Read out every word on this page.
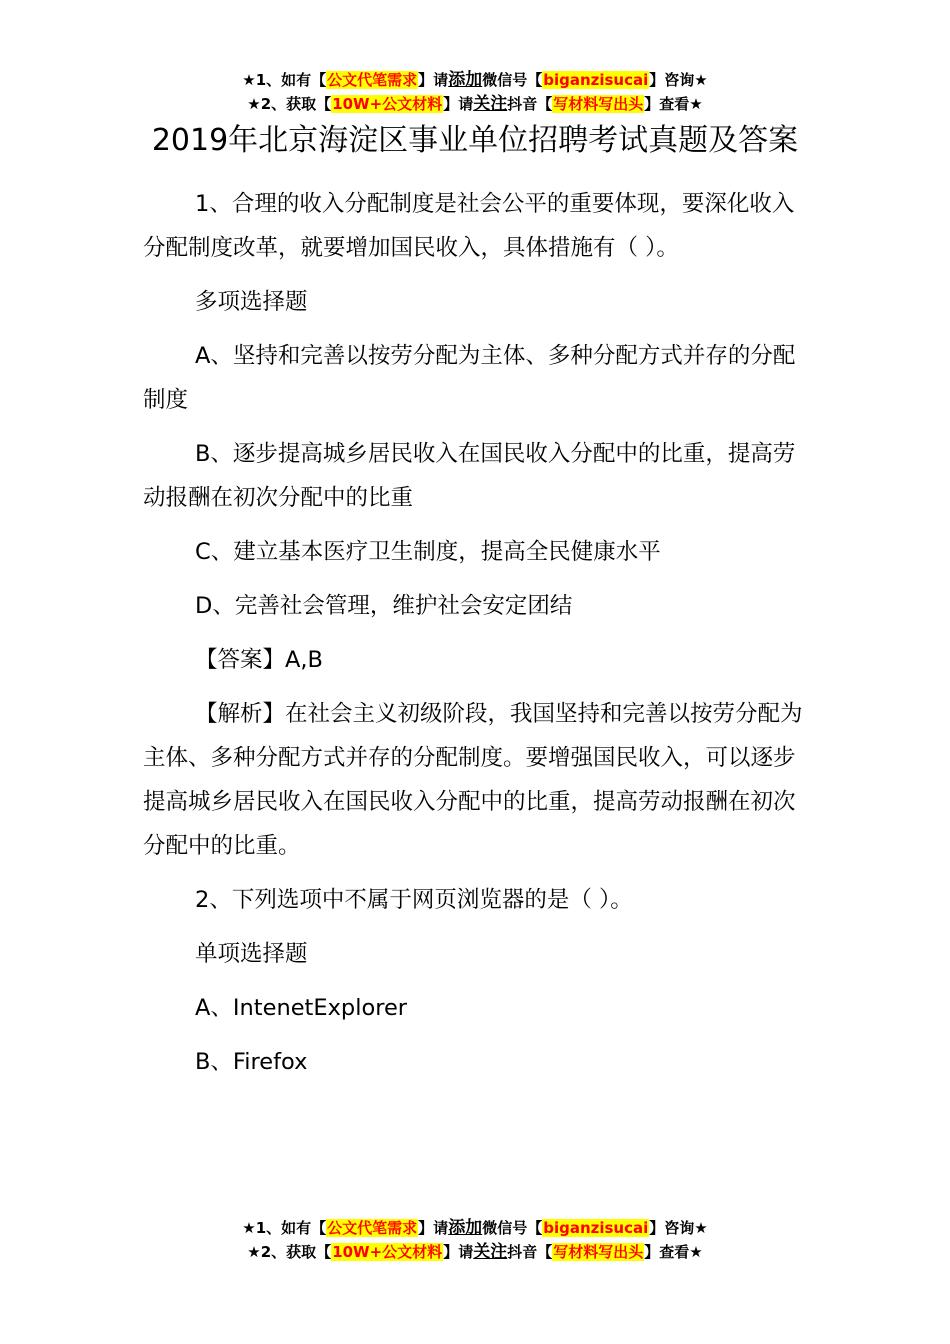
★1、如有【公文代笔需求】请添加微信号【biganzisucai】咨询★
★2、获取【10W+公文材料】请关注抖音【写材料写出头】查看★
2019年北京海淀区事业单位招聘考试真题及答案

1、合理的收入分配制度是社会公平的重要体现，要深化收入分配制度改革，就要增加国民收入，具体措施有（ ）。

多项选择题

A、坚持和完善以按劳分配为主体、多种分配方式并存的分配制度

B、逐步提高城乡居民收入在国民收入分配中的比重，提高劳动报酬在初次分配中的比重

C、建立基本医疗卫生制度，提高全民健康水平

D、完善社会管理，维护社会安定团结

【答案】A,B

【解析】在社会主义初级阶段，我国坚持和完善以按劳分配为主体、多种分配方式并存的分配制度。要增强国民收入，可以逐步提高城乡居民收入在国民收入分配中的比重，提高劳动报酬在初次分配中的比重。

2、下列选项中不属于网页浏览器的是（ ）。

单项选择题

A、IntenetExplorer

B、Firefox

★1、如有【公文代笔需求】请添加微信号【biganzisucai】咨询★
★2、获取【10W+公文材料】请关注抖音【写材料写出头】查看★
